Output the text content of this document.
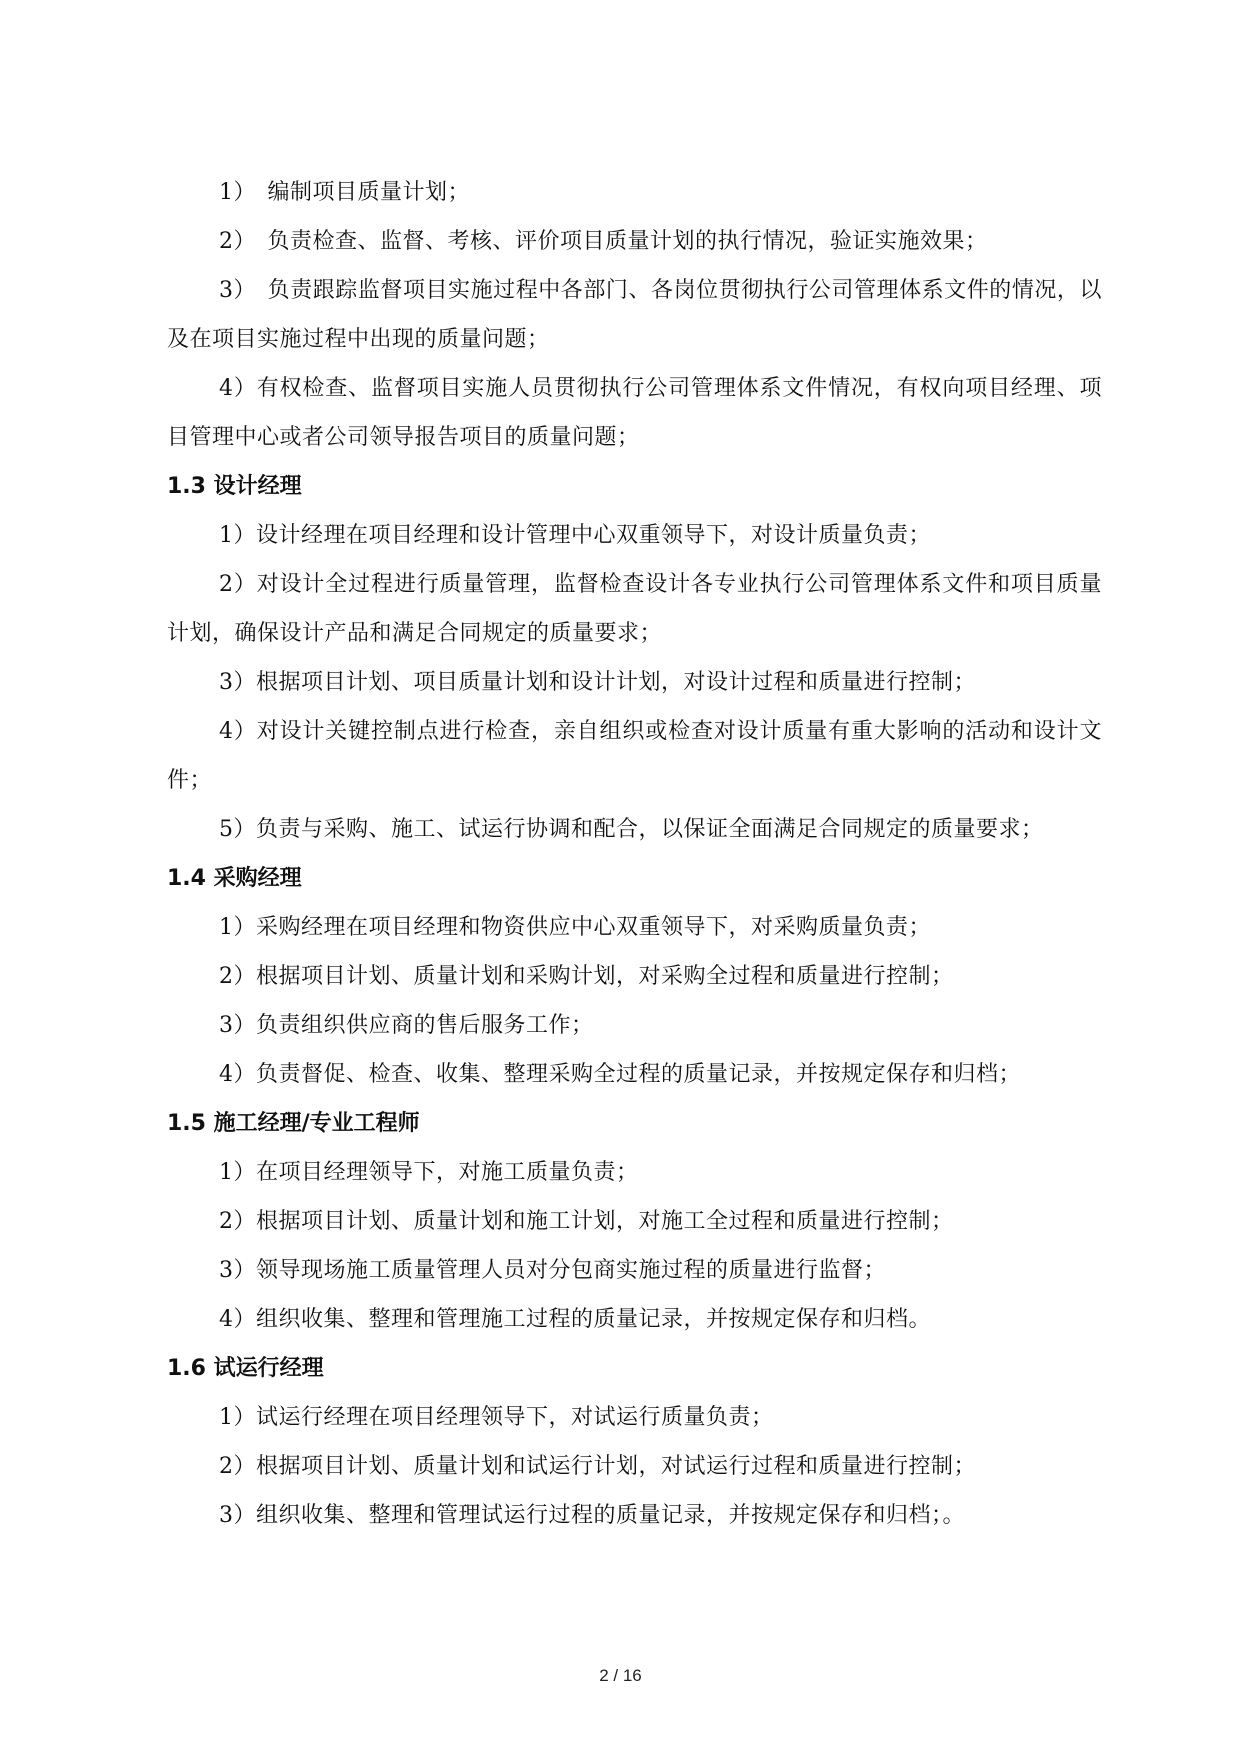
1）　编制项目质量计划；

2）　负责检查、监督、考核、评价项目质量计划的执行情况，验证实施效果；

3）　负责跟踪监督项目实施过程中各部门、各岗位贯彻执行公司管理体系文件的情况，以及在项目实施过程中出现的质量问题；

4）有权检查、监督项目实施人员贯彻执行公司管理体系文件情况，有权向项目经理、项目管理中心或者公司领导报告项目的质量问题；

1.3 设计经理

1）设计经理在项目经理和设计管理中心双重领导下，对设计质量负责；

2）对设计全过程进行质量管理，监督检查设计各专业执行公司管理体系文件和项目质量计划，确保设计产品和满足合同规定的质量要求；

3）根据项目计划、项目质量计划和设计计划，对设计过程和质量进行控制；

4）对设计关键控制点进行检查，亲自组织或检查对设计质量有重大影响的活动和设计文件；

5）负责与采购、施工、试运行协调和配合，以保证全面满足合同规定的质量要求；

1.4 采购经理

1）采购经理在项目经理和物资供应中心双重领导下，对采购质量负责；

2）根据项目计划、质量计划和采购计划，对采购全过程和质量进行控制；

3）负责组织供应商的售后服务工作；

4）负责督促、检查、收集、整理采购全过程的质量记录，并按规定保存和归档；

1.5 施工经理/专业工程师

1）在项目经理领导下，对施工质量负责；

2）根据项目计划、质量计划和施工计划，对施工全过程和质量进行控制；

3）领导现场施工质量管理人员对分包商实施过程的质量进行监督；

4）组织收集、整理和管理施工过程的质量记录，并按规定保存和归档。

1.6 试运行经理

1）试运行经理在项目经理领导下，对试运行质量负责；

2）根据项目计划、质量计划和试运行计划，对试运行过程和质量进行控制；

3）组织收集、整理和管理试运行过程的质量记录，并按规定保存和归档；。

2 / 16
